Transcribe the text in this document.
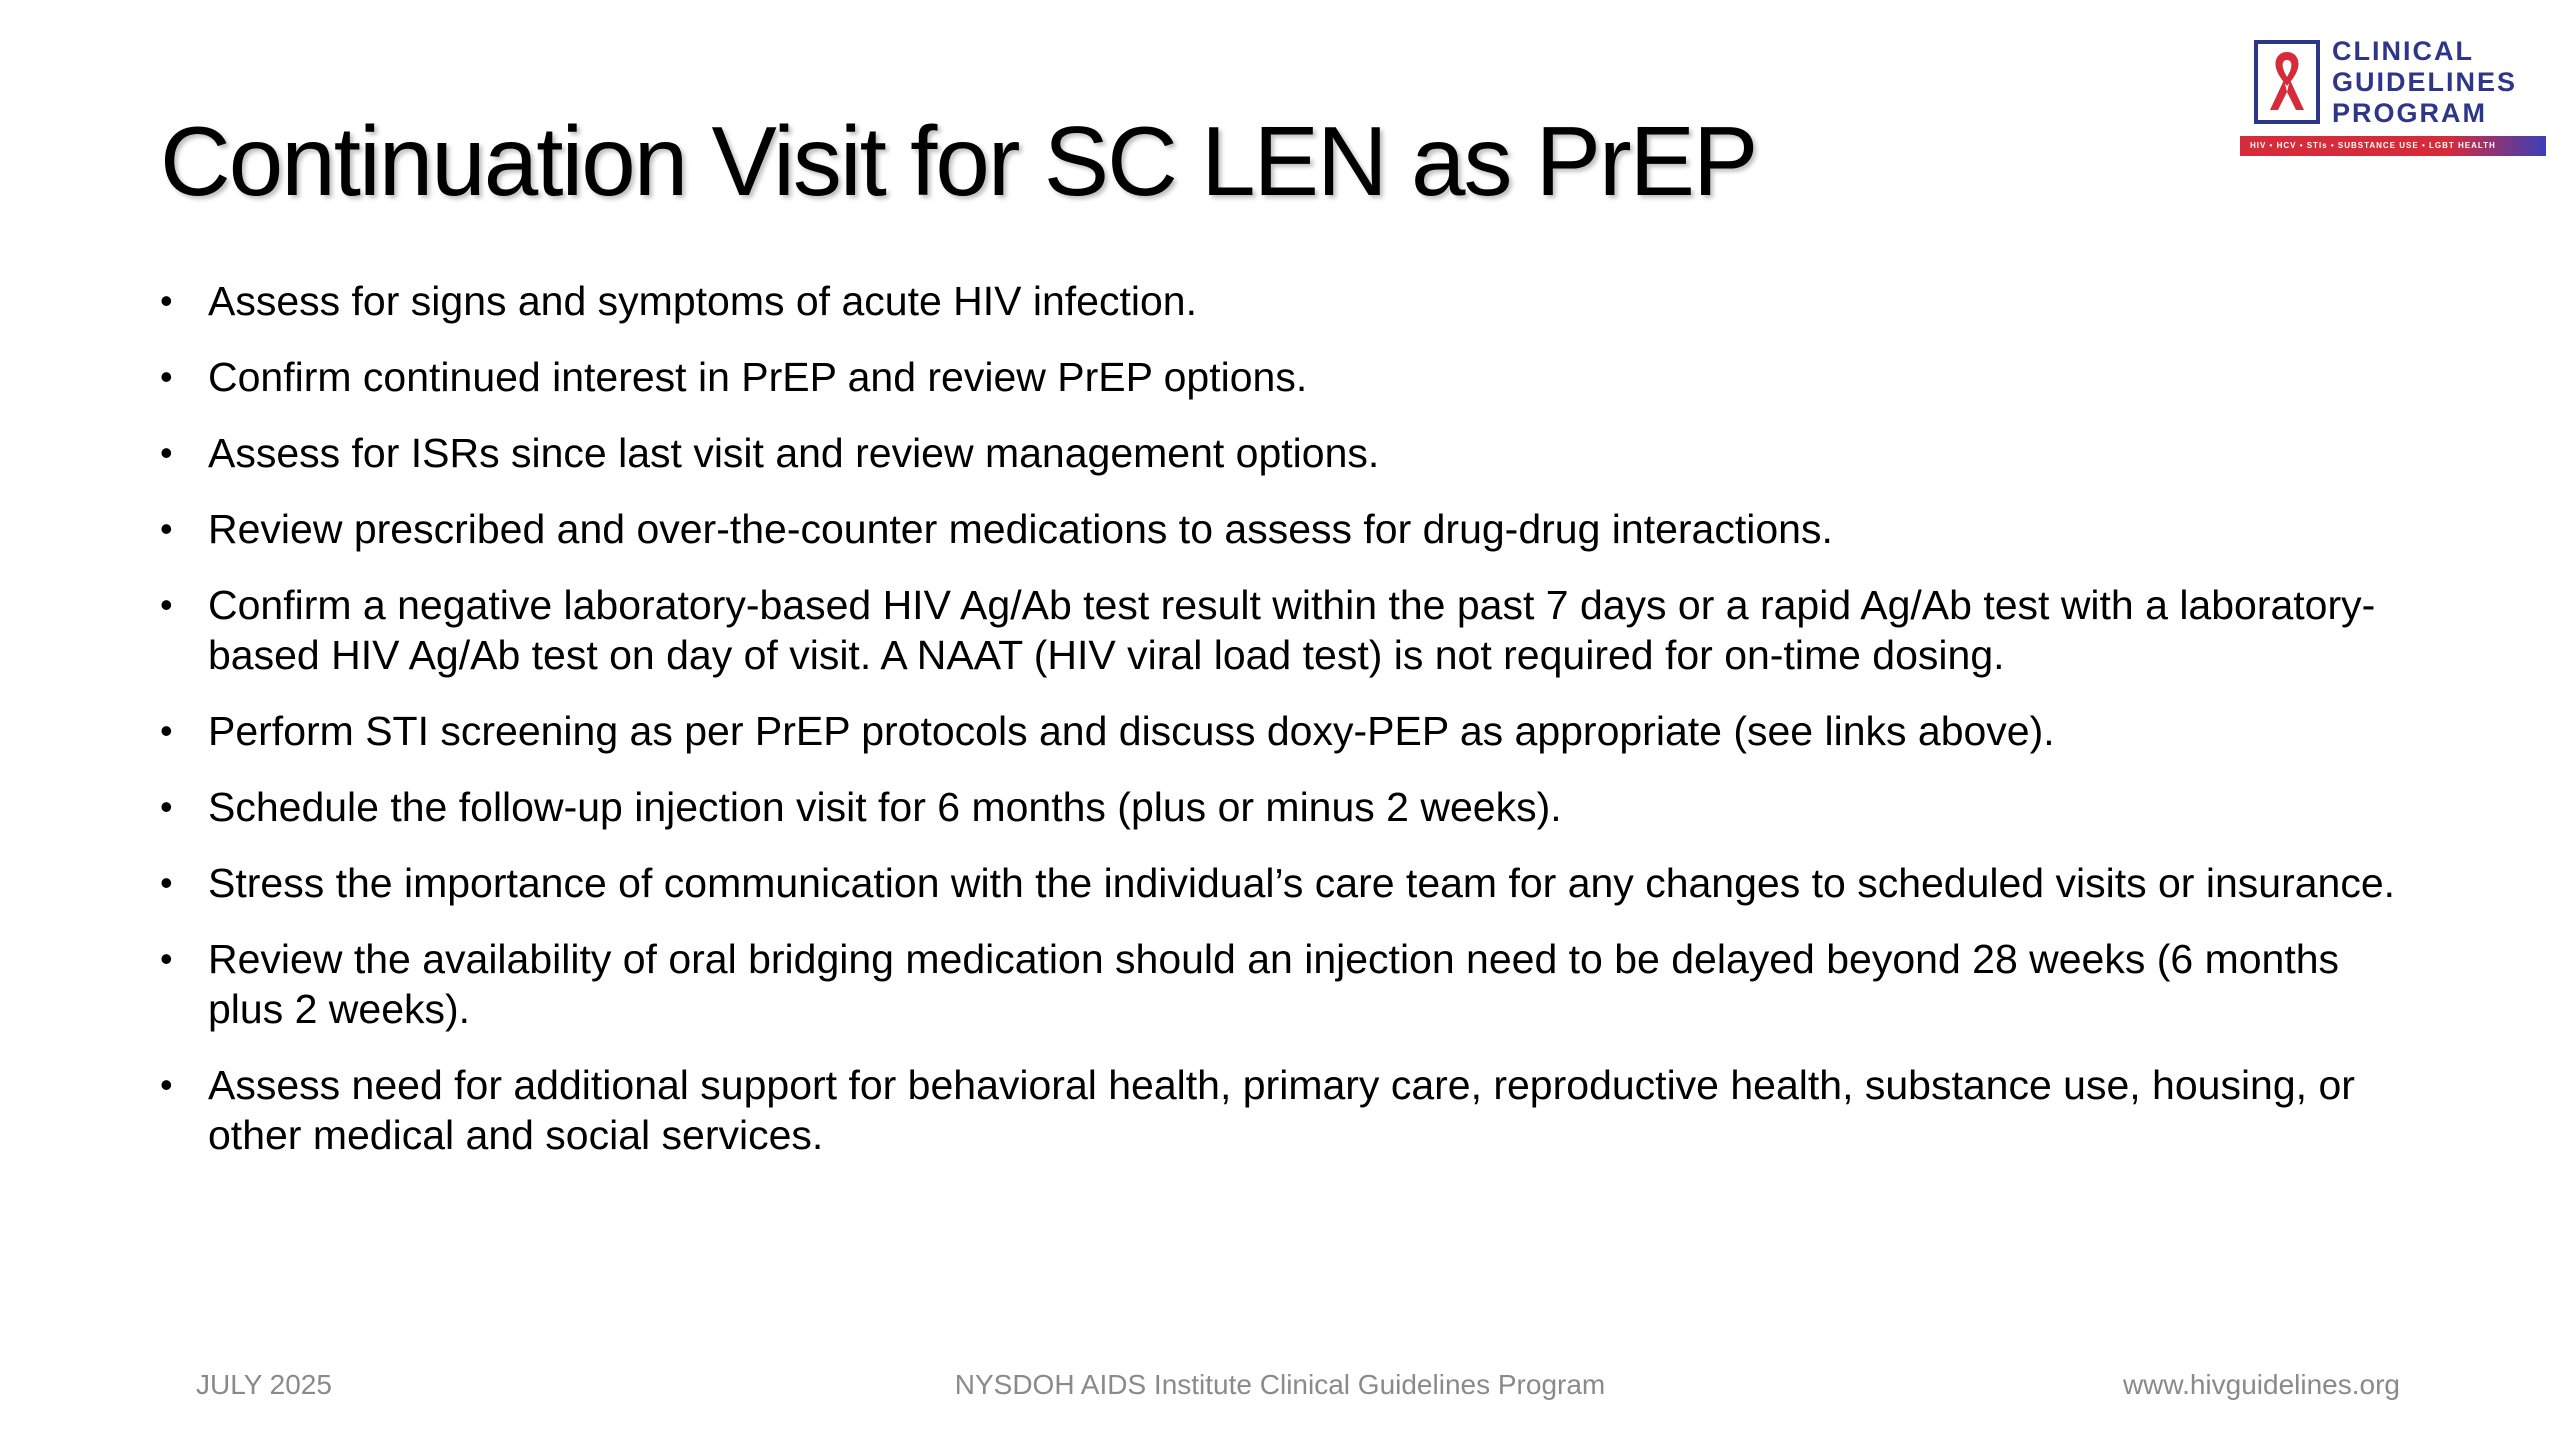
CLINICAL
GUIDELINES
PROGRAM
HIV • HCV • STIs • SUBSTANCE USE • LGBT HEALTH
Continuation Visit for SC LEN as PrEP
• Assess for signs and symptoms of acute HIV infection.
• Confirm continued interest in PrEP and review PrEP options.
• Assess for ISRs since last visit and review management options.
• Review prescribed and over-the-counter medications to assess for drug-drug interactions.
• Confirm a negative laboratory-based HIV Ag/Ab test result within the past 7 days or a rapid Ag/Ab test with a laboratory-based HIV Ag/Ab test on day of visit. A NAAT (HIV viral load test) is not required for on-time dosing.
• Perform STI screening as per PrEP protocols and discuss doxy-PEP as appropriate (see links above).
• Schedule the follow-up injection visit for 6 months (plus or minus 2 weeks).
• Stress the importance of communication with the individual’s care team for any changes to scheduled visits or insurance.
• Review the availability of oral bridging medication should an injection need to be delayed beyond 28 weeks (6 months plus 2 weeks).
• Assess need for additional support for behavioral health, primary care, reproductive health, substance use, housing, or other medical and social services.
NYSDOH AIDS Institute Clinical Guidelines Program
JULY 2025	www.hivguidelines.org
